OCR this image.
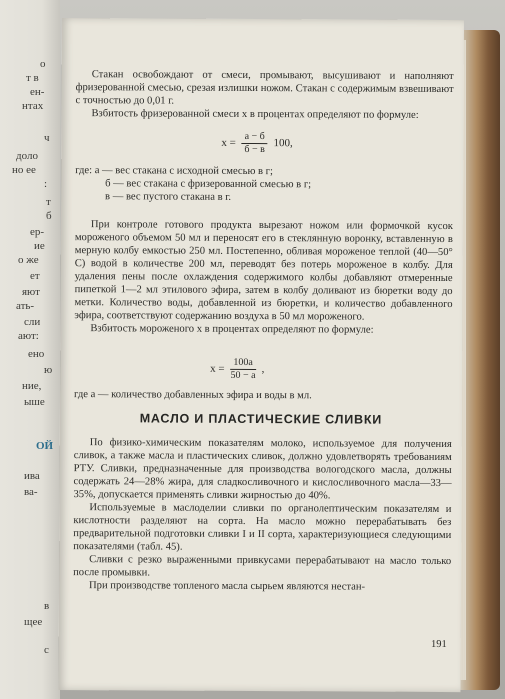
о
т в
ен-
нтах
ч
доло
но ее
:
т
б
ер-
ие
о же
ет
яют
ать-
сли
ают:
ено
ю
ние,
ыше
ОЙ
ива
ва-
в
щее
с

Стакан освобождают от смеси, промывают, высушивают и наполняют фризерованной смесью, срезая излишки ножом. Стакан с содержимым взвешивают с точностью до 0,01 г.

Взбитость фризерованной смеси x в процентах определяют по формуле:

$x = \frac{a - б}{б - в} 100$,

где: a — вес стакана с исходной смесью в г;

б — вес стакана с фризерованной смесью в г;

в — вес пустого стакана в г.

При контроле готового продукта вырезают ножом или формочкой кусок мороженого объемом 50 мл и переносят его в стеклянную воронку, вставленную в мерную колбу емкостью 250 мл. Постепенно, обливая мороженое теплой (40—50° С) водой в количестве 200 мл, переводят без потерь мороженое в колбу. Для удаления пены после охлаждения содержимого колбы добавляют отмеренные пипеткой 1—2 мл этилового эфира, затем в колбу доливают из бюретки воду до метки. Количество воды, добавленной из бюретки, и количество добавленного эфира, соответствуют содержанию воздуха в 50 мл мороженого.

Взбитость мороженого x в процентах определяют по формуле:

$x = \frac{100a}{50 - a}$ ,

где a — количество добавленных эфира и воды в мл.

МАСЛО И ПЛАСТИЧЕСКИЕ СЛИВКИ

По физико-химическим показателям молоко, используемое для получения сливок, а также масла и пластических сливок, должно удовлетворять требованиям РТУ. Сливки, предназначенные для производства вологодского масла, должны содержать 24—28% жира, для сладкосливочного и кислосливочного масла—33—35%, допускается применять сливки жирностью до 40%.

Используемые в маслоделии сливки по органолептическим показателям и кислотности разделяют на сорта. На масло можно перерабатывать без предварительной подготовки сливки I и II сорта, характеризующиеся следующими показателями (табл. 45).

Сливки с резко выраженными привкусами перерабатывают на масло только после промывки.

При производстве топленого масла сырьем являются нестан-

191
